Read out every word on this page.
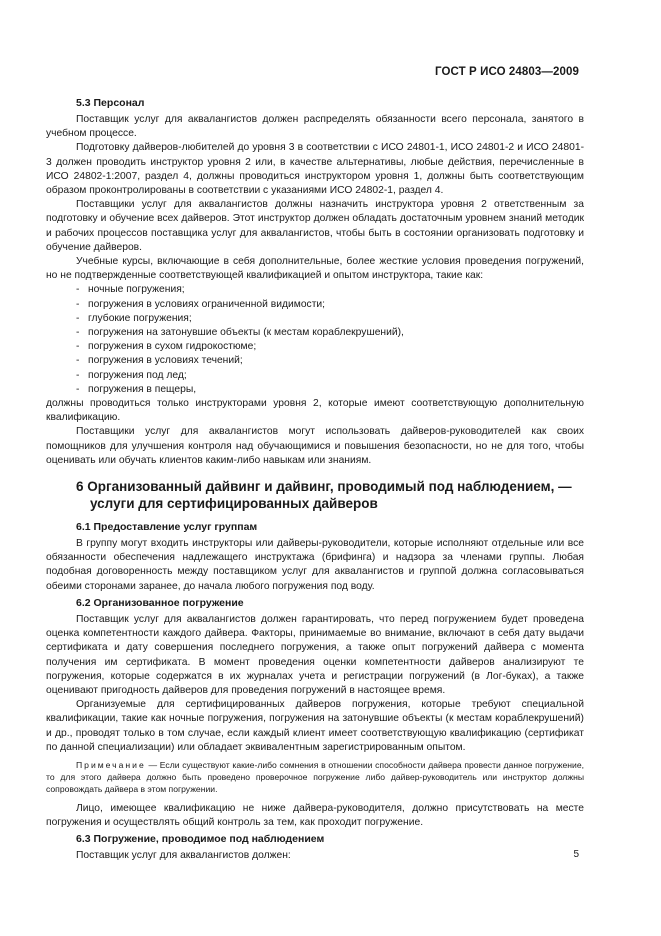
ГОСТ Р ИСО 24803—2009
5.3 Персонал

Поставщик услуг для аквалангистов должен распределять обязанности всего персонала, занятого в учебном процессе.

Подготовку дайверов-любителей до уровня 3 в соответствии с ИСО 24801-1, ИСО 24801-2 и ИСО 24801-3 должен проводить инструктор уровня 2 или, в качестве альтернативы, любые действия, перечисленные в ИСО 24802-1:2007, раздел 4, должны проводиться инструктором уровня 1, должны быть соответствующим образом проконтролированы в соответствии с указаниями ИСО 24802-1, раздел 4.

Поставщики услуг для аквалангистов должны назначить инструктора уровня 2 ответственным за подготовку и обучение всех дайверов. Этот инструктор должен обладать достаточным уровнем знаний методик и рабочих процессов поставщика услуг для аквалангистов, чтобы быть в состоянии организовать подготовку и обучение дайверов.

Учебные курсы, включающие в себя дополнительные, более жесткие условия проведения погружений, но не подтвержденные соответствующей квалификацией и опытом инструктора, такие как:

- ночные погружения;
- погружения в условиях ограниченной видимости;
- глубокие погружения;
- погружения на затонувшие объекты (к местам кораблекрушений),
- погружения в сухом гидрокостюме;
- погружения в условиях течений;
- погружения под лед;
- погружения в пещеры,

должны проводиться только инструкторами уровня 2, которые имеют соответствующую дополнительную квалификацию.

Поставщики услуг для аквалангистов могут использовать дайверов-руководителей как своих помощников для улучшения контроля над обучающимися и повышения безопасности, но не для того, чтобы оценивать или обучать клиентов каким-либо навыкам или знаниям.

6 Организованный дайвинг и дайвинг, проводимый под наблюдением, —
услуги для сертифицированных дайверов
6.1 Предоставление услуг группам

В группу могут входить инструкторы или дайверы-руководители, которые исполняют отдельные или все обязанности обеспечения надлежащего инструктажа (брифинга) и надзора за членами группы. Любая подобная договоренность между поставщиком услуг для аквалангистов и группой должна согласовываться обеими сторонами заранее, до начала любого погружения под воду.

6.2 Организованное погружение

Поставщик услуг для аквалангистов должен гарантировать, что перед погружением будет проведена оценка компетентности каждого дайвера. Факторы, принимаемые во внимание, включают в себя дату выдачи сертификата и дату совершения последнего погружения, а также опыт погружений дайвера с момента получения им сертификата. В момент проведения оценки компетентности дайверов анализируют те погружения, которые содержатся в их журналах учета и регистрации погружений (в Лог-буках), а также оценивают пригодность дайверов для проведения погружений в настоящее время.

Организуемые для сертифицированных дайверов погружения, которые требуют специальной квалификации, такие как ночные погружения, погружения на затонувшие объекты (к местам кораблекрушений) и др., проводят только в том случае, если каждый клиент имеет соответствующую квалификацию (сертификат по данной специализации) или обладает эквивалентным зарегистрированным опытом.

Примечание — Если существуют какие-либо сомнения в отношении способности дайвера провести данное погружение, то для этого дайвера должно быть проведено проверочное погружение либо дайвер-руководитель или инструктор должны сопровождать дайвера в этом погружении.

Лицо, имеющее квалификацию не ниже дайвера-руководителя, должно присутствовать на месте погружения и осуществлять общий контроль за тем, как проходит погружение.

6.3 Погружение, проводимое под наблюдением

Поставщик услуг для аквалангистов должен:	5
